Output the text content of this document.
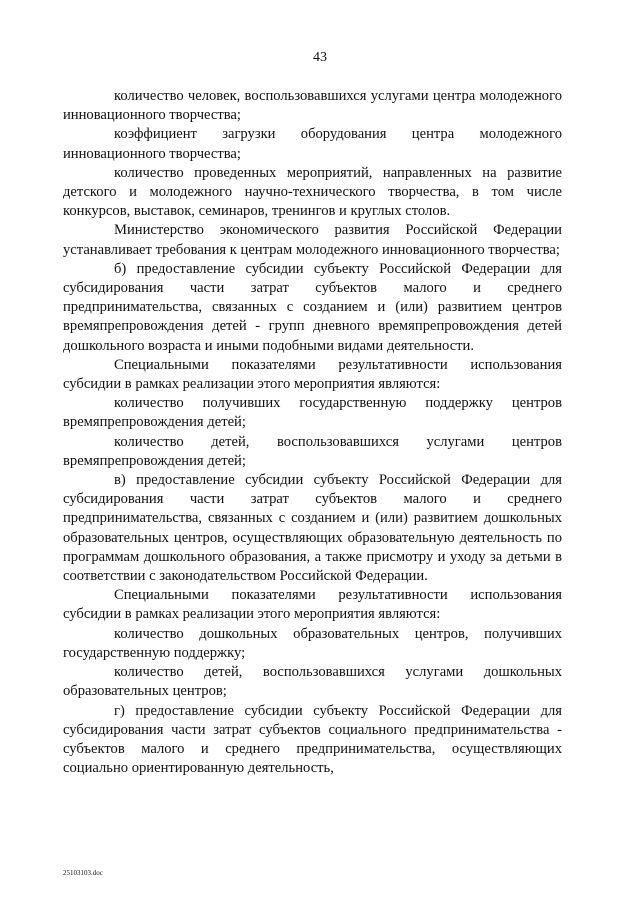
43

количество человек, воспользовавшихся услугами центра молодежного инновационного творчества;

коэффициент загрузки оборудования центра молодежного инновационного творчества;

количество проведенных мероприятий, направленных на развитие детского и молодежного научно-технического творчества, в том числе конкурсов, выставок, семинаров, тренингов и круглых столов.

Министерство экономического развития Российской Федерации устанавливает требования к центрам молодежного инновационного творчества;

б) предоставление субсидии субъекту Российской Федерации для субсидирования части затрат субъектов малого и среднего предпринимательства, связанных с созданием и (или) развитием центров времяпрепровождения детей - групп дневного времяпрепровождения детей дошкольного возраста и иными подобными видами деятельности.

Специальными показателями результативности использования субсидии в рамках реализации этого мероприятия являются:

количество получивших государственную поддержку центров времяпрепровождения детей;

количество детей, воспользовавшихся услугами центров времяпрепровождения детей;

в) предоставление субсидии субъекту Российской Федерации для субсидирования части затрат субъектов малого и среднего предпринимательства, связанных с созданием и (или) развитием дошкольных образовательных центров, осуществляющих образовательную деятельность по программам дошкольного образования, а также присмотру и уходу за детьми в соответствии с законодательством Российской Федерации.

Специальными показателями результативности использования субсидии в рамках реализации этого мероприятия являются:

количество дошкольных образовательных центров, получивших государственную поддержку;

количество детей, воспользовавшихся услугами дошкольных образовательных центров;

г) предоставление субсидии субъекту Российской Федерации для субсидирования части затрат субъектов социального предпринимательства - субъектов малого и среднего предпринимательства, осуществляющих социально ориентированную деятельность,

25103103.doc
